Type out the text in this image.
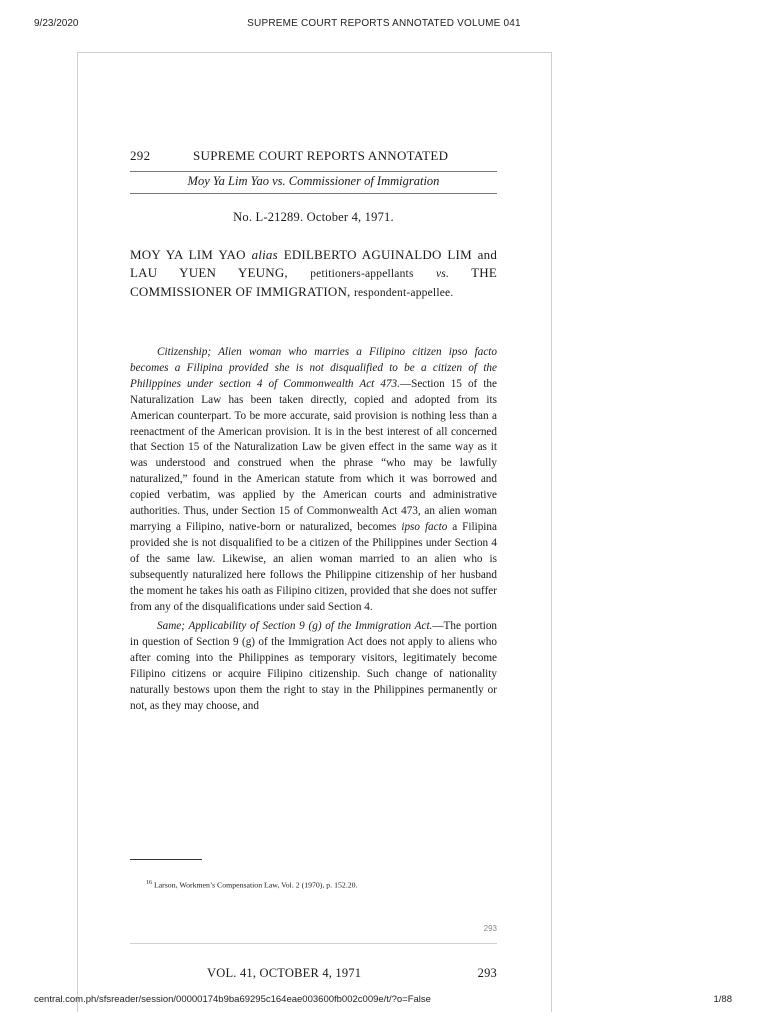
9/23/2020	SUPREME COURT REPORTS ANNOTATED VOLUME 041
292	SUPREME COURT REPORTS ANNOTATED
Moy Ya Lim Yao vs. Commissioner of Immigration
No. L-21289. October 4, 1971.
MOY YA LIM YAO alias EDILBERTO AGUINALDO LIM and LAU YUEN YEUNG, petitioners-appellants vs. THE COMMISSIONER OF IMMIGRATION, respondent-appellee.

Citizenship; Alien woman who marries a Filipino citizen ipso facto becomes a Filipina provided she is not disqualified to be a citizen of the Philippines under section 4 of Commonwealth Act 473.—Section 15 of the Naturalization Law has been taken directly, copied and adopted from its American counterpart. To be more accurate, said provision is nothing less than a reenactment of the American provision. It is in the best interest of all concerned that Section 15 of the Naturalization Law be given effect in the same way as it was understood and construed when the phrase “who may be lawfully naturalized,” found in the American statute from which it was borrowed and copied verbatim, was applied by the American courts and administrative authorities. Thus, under Section 15 of Commonwealth Act 473, an alien woman marrying a Filipino, native-born or naturalized, becomes ipso facto a Filipina provided she is not disqualified to be a citizen of the Philippines under Section 4 of the same law. Likewise, an alien woman married to an alien who is subsequently naturalized here follows the Philippine citizenship of her husband the moment he takes his oath as Filipino citizen, provided that she does not suffer from any of the disqualifications under said Section 4.

Same; Applicability of Section 9 (g) of the Immigration Act.—The portion in question of Section 9 (g) of the Immigration Act does not apply to aliens who after coming into the Philippines as temporary visitors, legitimately become Filipino citizens or acquire Filipino citizenship. Such change of nationality naturally bestows upon them the right to stay in the Philippines permanently or not, as they may choose, and

$^{16}$ Larson, Workmen’s Compensation Law, Vol. 2 (1970), p. 152.20.
293
VOL. 41, OCTOBER 4, 1971	293
central.com.ph/sfsreader/session/00000174b9ba69295c164eae003600fb002c009e/t/?o=False	1/88
